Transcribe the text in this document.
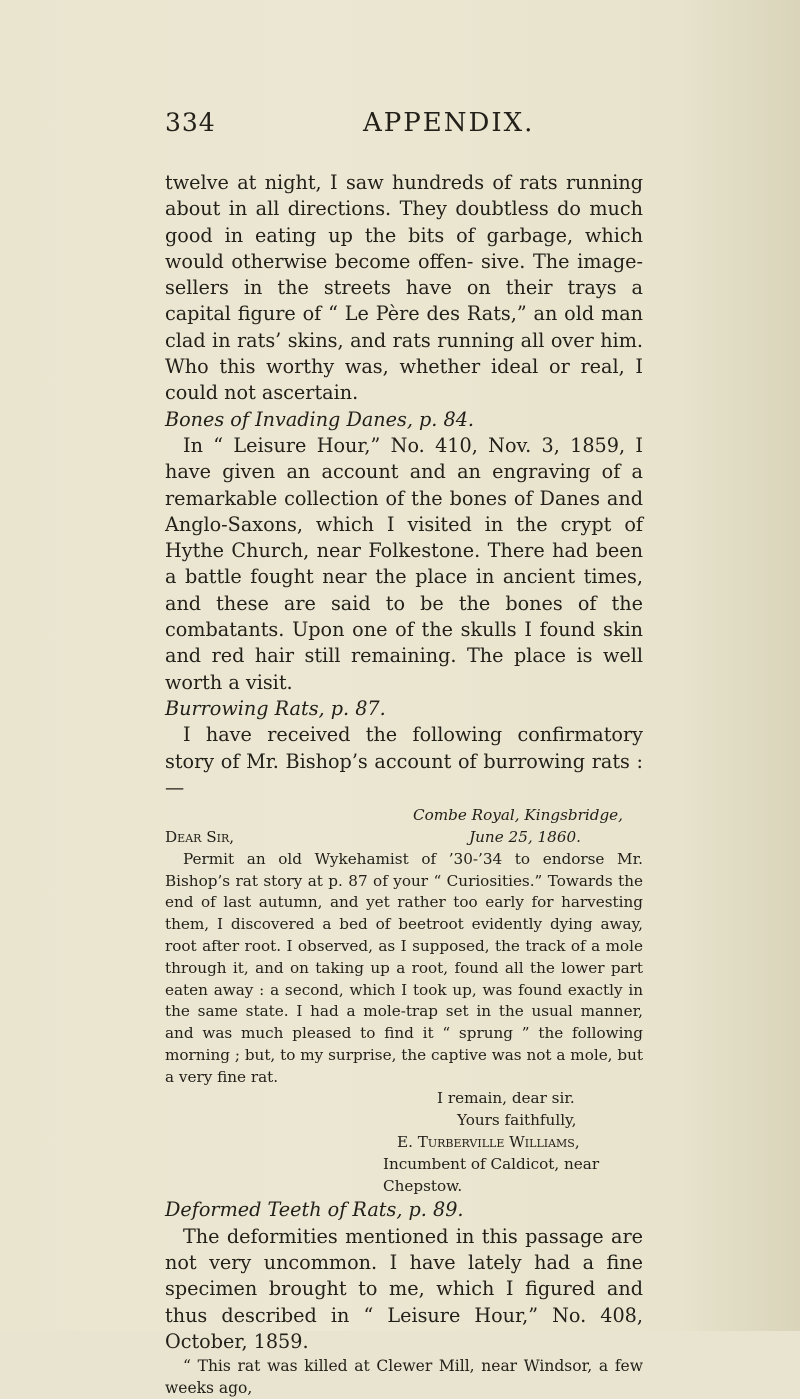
334	APPENDIX.

twelve at night, I saw hundreds of rats running about in all directions. They doubtless do much good in eating up the bits of garbage, which would otherwise become offen- sive. The image-sellers in the streets have on their trays a capital figure of “ Le Père des Rats,” an old man clad in rats’ skins, and rats running all over him. Who this worthy was, whether ideal or real, I could not ascertain.

Bones of Invading Danes, p. 84.

In “ Leisure Hour,” No. 410, Nov. 3, 1859, I have given an account and an engraving of a remarkable collection of the bones of Danes and Anglo-Saxons, which I visited in the crypt of Hythe Church, near Folkestone. There had been a battle fought near the place in ancient times, and these are said to be the bones of the combatants. Upon one of the skulls I found skin and red hair still remaining. The place is well worth a visit.

Burrowing Rats, p. 87.

I have received the following confirmatory story of Mr. Bishop’s account of burrowing rats :—

Combe Royal, Kingsbridge,
Dear Sir,	June 25, 1860.

Permit an old Wykehamist of ’30-’34 to endorse Mr. Bishop’s rat story at p. 87 of your “ Curiosities.” Towards the end of last autumn, and yet rather too early for harvesting them, I discovered a bed of beetroot evidently dying away, root after root. I observed, as I supposed, the track of a mole through it, and on taking up a root, found all the lower part eaten away : a second, which I took up, was found exactly in the same state. I had a mole-trap set in the usual manner, and was much pleased to find it “ sprung ” the following morning ; but, to my surprise, the captive was not a mole, but a very fine rat.

I remain, dear sir.
Yours faithfully,
E. Turberville Williams,
Incumbent of Caldicot, near Chepstow.

Deformed Teeth of Rats, p. 89.

The deformities mentioned in this passage are not very uncommon. I have lately had a fine specimen brought to me, which I figured and thus described in “ Leisure Hour,” No. 408, October, 1859.

“ This rat was killed at Clewer Mill, near Windsor, a few weeks ago,
